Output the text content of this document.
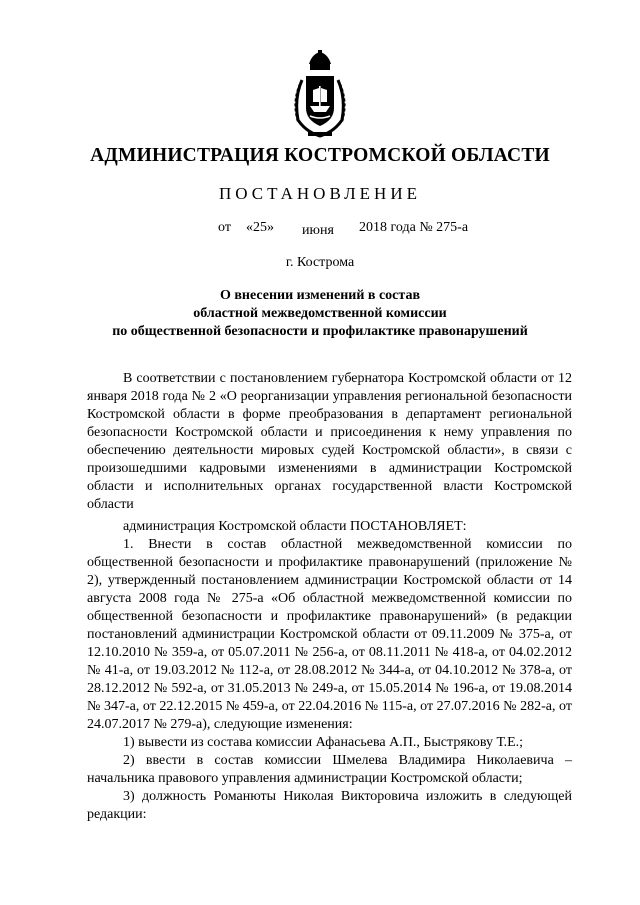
АДМИНИСТРАЦИЯ КОСТРОМСКОЙ ОБЛАСТИ
ПОСТАНОВЛЕНИЕ
от «25» июня 2018 года № 275-а
г. Кострома
О внесении изменений в состав
областной межведомственной комиссии
по общественной безопасности и профилактике правонарушений

В соответствии с постановлением губернатора Костромской области от 12 января 2018 года № 2 «О реорганизации управления региональной безопасности Костромской области в форме преобразования в департамент региональной безопасности Костромской области и присоединения к нему управления по обеспечению деятельности мировых судей Костромской области», в связи с произошедшими кадровыми изменениями в администрации Костромской области и исполнительных органах государственной власти Костромской области

администрация Костромской области ПОСТАНОВЛЯЕТ:

1. Внести в состав областной межведомственной комиссии по общественной безопасности и профилактике правонарушений (приложение № 2), утвержденный постановлением администрации Костромской области от 14 августа 2008 года № 275-а «Об областной межведомственной комиссии по общественной безопасности и профилактике правонарушений» (в редакции постановлений администрации Костромской области от 09.11.2009 № 375-а, от 12.10.2010 № 359-а, от 05.07.2011 № 256-а, от 08.11.2011 № 418-а, от 04.02.2012 № 41-а, от 19.03.2012 № 112-а, от 28.08.2012 № 344-а, от 04.10.2012 № 378-а, от 28.12.2012 № 592-а, от 31.05.2013 № 249-а, от 15.05.2014 № 196-а, от 19.08.2014 № 347-а, от 22.12.2015 № 459-а, от 22.04.2016 № 115-а, от 27.07.2016 № 282-а, от 24.07.2017 № 279-а), следующие изменения:

1) вывести из состава комиссии Афанасьева А.П., Быстрякову Т.Е.;

2) ввести в состав комиссии Шмелева Владимира Николаевича – начальника правового управления администрации Костромской области;

3) должность Романюты Николая Викторовича изложить в следующей редакции:
